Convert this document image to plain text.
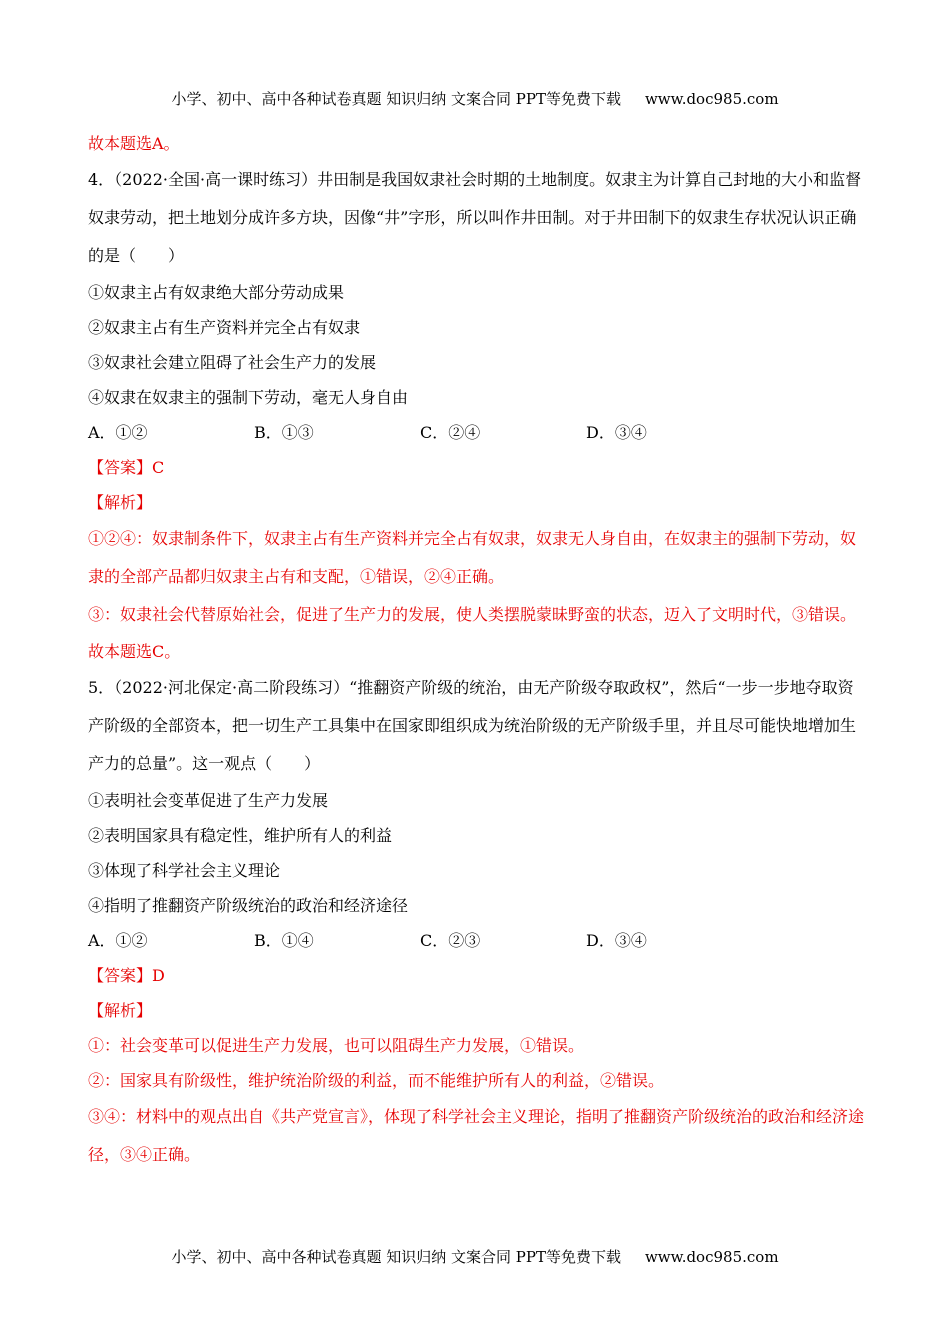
小学、初中、高中各种试卷真题 知识归纳 文案合同 PPT等免费下载 www.doc985.com
故本题选A。
4．（2022·全国·高一课时练习）井田制是我国奴隶社会时期的土地制度。奴隶主为计算自己封地的大小和监督奴隶劳动，把土地划分成许多方块，因像“井”字形，所以叫作井田制。对于井田制下的奴隶生存状况认识正确的是（　　）
①奴隶主占有奴隶绝大部分劳动成果
②奴隶主占有生产资料并完全占有奴隶
③奴隶社会建立阻碍了社会生产力的发展
④奴隶在奴隶主的强制下劳动，毫无人身自由
A．①②	B．①③	C．②④	D．③④
【答案】C
【解析】
①②④：奴隶制条件下，奴隶主占有生产资料并完全占有奴隶，奴隶无人身自由，在奴隶主的强制下劳动，奴隶的全部产品都归奴隶主占有和支配，①错误，②④正确。
③：奴隶社会代替原始社会，促进了生产力的发展，使人类摆脱蒙昧野蛮的状态，迈入了文明时代，③错误。
故本题选C。
5．（2022·河北保定·高二阶段练习）“推翻资产阶级的统治，由无产阶级夺取政权”，然后“一步一步地夺取资产阶级的全部资本，把一切生产工具集中在国家即组织成为统治阶级的无产阶级手里，并且尽可能快地增加生产力的总量”。这一观点（　　）
①表明社会变革促进了生产力发展
②表明国家具有稳定性，维护所有人的利益
③体现了科学社会主义理论
④指明了推翻资产阶级统治的政治和经济途径
A．①②	B．①④	C．②③	D．③④
【答案】D
【解析】
①：社会变革可以促进生产力发展，也可以阻碍生产力发展，①错误。
②：国家具有阶级性，维护统治阶级的利益，而不能维护所有人的利益，②错误。
③④：材料中的观点出自《共产党宣言》，体现了科学社会主义理论，指明了推翻资产阶级统治的政治和经济途径，③④正确。
小学、初中、高中各种试卷真题 知识归纳 文案合同 PPT等免费下载 www.doc985.com
